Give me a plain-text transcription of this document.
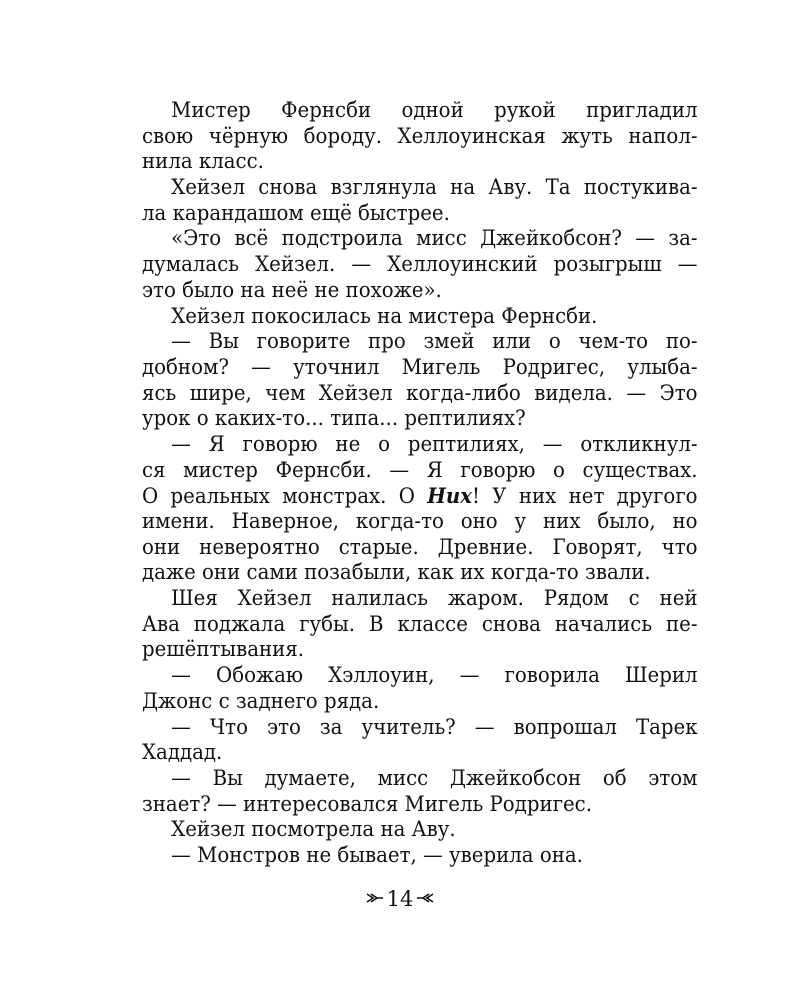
Мистер Фернсби одной рукой пригладил
свою чёрную бороду. Хеллоуинская жуть напол-
нила класс.
Хейзел снова взглянула на Аву. Та постукива-
ла карандашом ещё быстрее.
«Это всё подстроила мисс Джейкобсон? — за-
думалась Хейзел. — Хеллоуинский розыгрыш —
это было на неё не похоже».
Хейзел покосилась на мистера Фернсби.
— Вы говорите про змей или о чем-то по-
добном? — уточнил Мигель Родригес, улыба-
ясь шире, чем Хейзел когда-либо видела. — Это
урок о каких-то... типа... рептилиях?
— Я говорю не о рептилиях, — откликнул-
ся мистер Фернсби. — Я говорю о существах.
О реальных монстрах. О Них! У них нет другого
имени. Наверное, когда-то оно у них было, но
они невероятно старые. Древние. Говорят, что
даже они сами позабыли, как их когда-то звали.
Шея Хейзел налилась жаром. Рядом с ней
Ава поджала губы. В классе снова начались пе-
решёптывания.
— Обожаю Хэллоуин, — говорила Шерил
Джонс с заднего ряда.
— Что это за учитель? — вопрошал Тарек
Хаддад.
— Вы думаете, мисс Джейкобсон об этом
знает? — интересовался Мигель Родригес.
Хейзел посмотрела на Аву.
— Монстров не бывает, — уверила она.
14
